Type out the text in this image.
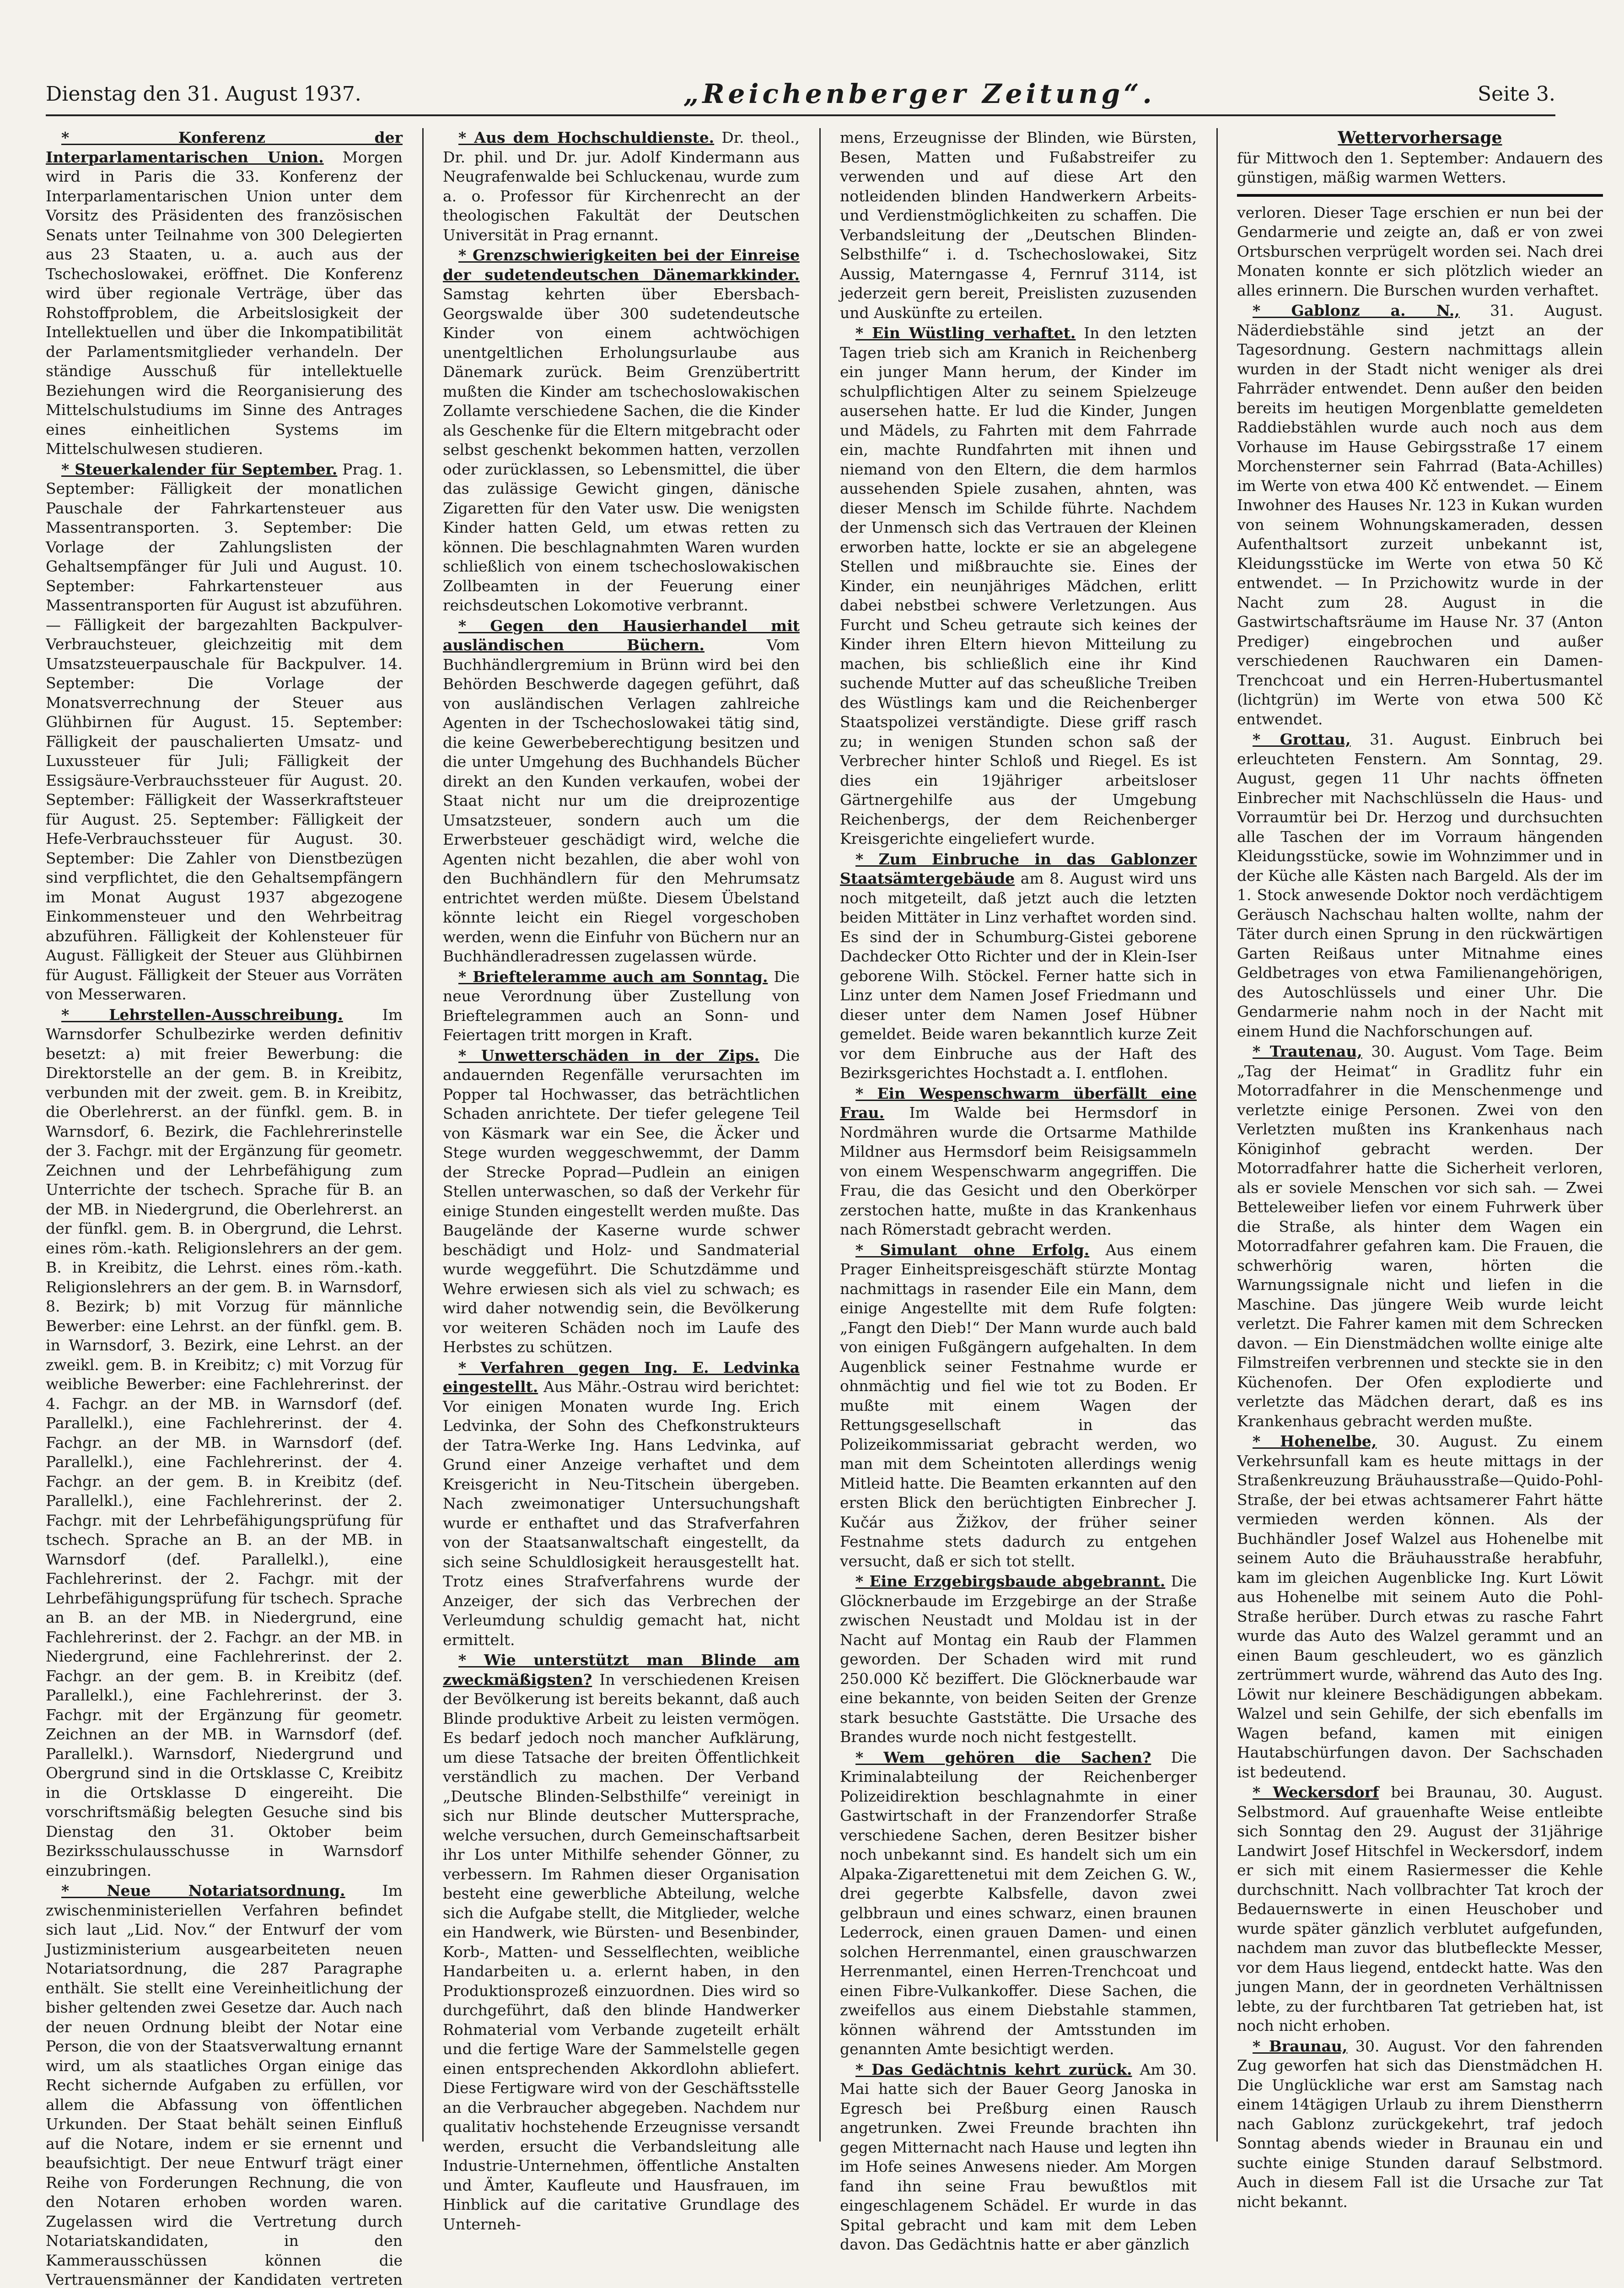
Dienstag den 31. August 1937.	„Reichenberger Zeitung“.	Seite 3.

* Konferenz der Interparlamentarischen Union. Morgen wird in Paris die 33. Konferenz der Interparlamentarischen Union unter dem Vorsitz des Präsidenten des französischen Senats unter Teilnahme von 300 Delegierten aus 23 Staaten, u. a. auch aus der Tschechoslowakei, eröffnet. Die Konferenz wird über regionale Verträge, über das Rohstoffproblem, die Arbeitslosigkeit der Intellektuellen und über die Inkompatibilität der Parlamentsmitglieder verhandeln. Der ständige Ausschuß für intellektuelle Beziehungen wird die Reorganisierung des Mittelschulstudiums im Sinne des Antrages eines einheitlichen Systems im Mittelschulwesen studieren.

* Steuerkalender für September. Prag. 1. September: Fälligkeit der monatlichen Pauschale der Fahrkartensteuer aus Massentransporten. 3. September: Die Vorlage der Zahlungslisten der Gehaltsempfänger für Juli und August. 10. September: Fahrkartensteuer aus Massentransporten für August ist abzuführen. — Fälligkeit der bargezahlten Backpulver-Verbrauchsteuer, gleichzeitig mit dem Umsatzsteuerpauschale für Backpulver. 14. September: Die Vorlage der Monatsverrechnung der Steuer aus Glühbirnen für August. 15. September: Fälligkeit der pauschalierten Umsatz- und Luxussteuer für Juli; Fälligkeit der Essigsäure-Verbrauchssteuer für August. 20. September: Fälligkeit der Wasserkraftsteuer für August. 25. September: Fälligkeit der Hefe-Verbrauchssteuer für August. 30. September: Die Zahler von Dienstbezügen sind verpflichtet, die den Gehaltsempfängern im Monat August 1937 abgezogene Einkommensteuer und den Wehrbeitrag abzuführen. Fälligkeit der Kohlensteuer für August. Fälligkeit der Steuer aus Glühbirnen für August. Fälligkeit der Steuer aus Vorräten von Messerwaren.

* Lehrstellen-Ausschreibung.	Im Warnsdorfer Schulbezirke werden definitiv besetzt: a) mit freier Bewerbung: die Direktorstelle an der gem. B. in Kreibitz, verbunden mit der zweit. gem. B. in Kreibitz, die Oberlehrerst. an der fünfkl. gem. B. in Warnsdorf, 6. Bezirk, die Fachlehrerinstelle der 3. Fachgr. mit der Ergänzung für geometr. Zeichnen und der Lehrbefähigung zum Unterrichte der tschech. Sprache für B. an der MB. in Niedergrund, die Oberlehrerst. an der fünfkl. gem. B. in Obergrund, die Lehrst. eines röm.-kath. Religionslehrers an der gem. B. in Kreibitz, die Lehrst. eines röm.-kath. Religionslehrers an der gem. B. in Warnsdorf, 8. Bezirk; b) mit Vorzug für männliche Bewerber: eine Lehrst. an der fünfkl. gem. B. in Warnsdorf, 3. Bezirk, eine Lehrst. an der zweikl. gem. B. in Kreibitz; c) mit Vorzug für weibliche Bewerber: eine Fachlehrerinst. der 4. Fachgr. an der MB. in Warnsdorf (def. Parallelkl.), eine Fachlehrerinst. der 4. Fachgr. an der MB. in Warnsdorf (def. Parallelkl.), eine Fachlehrerinst. der 4. Fachgr. an der gem. B. in Kreibitz (def. Parallelkl.), eine Fachlehrerinst. der 2. Fachgr. mit der Lehrbefähigungsprüfung für tschech. Sprache an B. an der MB. in Warnsdorf (def. Parallelkl.), eine Fachlehrerinst. der 2. Fachgr. mit der Lehrbefähigungsprüfung für tschech. Sprache an B. an der MB. in Niedergrund, eine Fachlehrerinst. der 2. Fachgr. an der MB. in Niedergrund, eine Fachlehrerinst. der 2. Fachgr. an der gem. B. in Kreibitz (def. Parallelkl.), eine Fachlehrerinst. der 3. Fachgr. mit der Ergänzung für geometr. Zeichnen an der MB. in Warnsdorf (def. Parallelkl.). Warnsdorf, Niedergrund und Obergrund sind in die Ortsklasse C, Kreibitz in die Ortsklasse D eingereiht. Die vorschriftsmäßig belegten Gesuche sind bis Dienstag den 31. Oktober beim Bezirksschulausschusse in Warnsdorf einzubringen.

* Neue Notariatsordnung. Im zwischenministeriellen Verfahren befindet sich laut „Lid. Nov.“ der Entwurf der vom Justizministerium ausgearbeiteten neuen Notariatsordnung, die 287 Paragraphe enthält. Sie stellt eine Vereinheitlichung der bisher geltenden zwei Gesetze dar. Auch nach der neuen Ordnung bleibt der Notar eine Person, die von der Staatsverwaltung ernannt wird, um als staatliches Organ einige das Recht sichernde Aufgaben zu erfüllen, vor allem die Abfassung von öffentlichen Urkunden. Der Staat behält seinen Einfluß auf die Notare, indem er sie ernennt und beaufsichtigt. Der neue Entwurf trägt einer Reihe von Forderungen Rechnung, die von den Notaren erhoben worden waren. Zugelassen wird die Vertretung durch Notariatskandidaten, in den Kammerausschüssen können die Vertrauensmänner der Kandidaten vertreten

* Aus dem Hochschuldienste. Dr. theol., Dr. phil. und Dr. jur. Adolf Kindermann aus Neugrafenwalde bei Schluckenau, wurde zum a. o. Professor für Kirchenrecht an der theologischen Fakultät der Deutschen Universität in Prag ernannt.

* Grenzschwierigkeiten bei der Einreise der sudetendeutschen Dänemarkkinder. Samstag kehrten über Ebersbach-Georgswalde über 300 sudetendeutsche Kinder von einem achtwöchigen unentgeltlichen Erholungsurlaube aus Dänemark zurück. Beim Grenzübertritt mußten die Kinder am tschechoslowakischen Zollamte verschiedene Sachen, die die Kinder als Geschenke für die Eltern mitgebracht oder selbst geschenkt bekommen hatten, verzollen oder zurücklassen, so Lebensmittel, die über das zulässige Gewicht gingen, dänische Zigaretten für den Vater usw. Die wenigsten Kinder hatten Geld, um etwas retten zu können. Die beschlagnahmten Waren wurden schließlich von einem tschechoslowakischen Zollbeamten in der Feuerung einer reichsdeutschen Lokomotive verbrannt.

* Gegen den Hausierhandel mit ausländischen Büchern.	Vom Buchhändlergremium in Brünn wird bei den Behörden Beschwerde dagegen geführt, daß von ausländischen Verlagen zahlreiche Agenten in der Tschechoslowakei tätig sind, die keine Gewerbeberechtigung besitzen und die unter Umgehung des Buchhandels Bücher direkt an den Kunden verkaufen, wobei der Staat nicht nur um die dreiprozentige Umsatzsteuer, sondern auch um die Erwerbsteuer geschädigt wird, welche die Agenten nicht bezahlen, die aber wohl von den Buchhändlern für den Mehrumsatz entrichtet werden müßte. Diesem Übelstand könnte leicht ein Riegel vorgeschoben werden, wenn die Einfuhr von Büchern nur an Buchhändleradressen zugelassen würde.

* Briefteleramme auch am Sonntag. Die neue Verordnung über Zustellung von Brieftelegrammen auch an Sonn- und Feiertagen tritt morgen in Kraft.

* Unwetterschäden in der Zips. Die andauernden Regenfälle verursachten im Popper tal Hochwasser, das beträchtlichen Schaden anrichtete. Der tiefer gelegene Teil von Käsmark war ein See, die Äcker und Stege wurden weggeschwemmt, der Damm der Strecke Poprad—Pudlein an einigen Stellen unterwaschen, so daß der Verkehr für einige Stunden eingestellt werden mußte. Das Baugelände der Kaserne wurde schwer beschädigt und Holz- und Sandmaterial wurde weggeführt. Die Schutzdämme und Wehre erwiesen sich als viel zu schwach; es wird daher notwendig sein, die Bevölkerung vor weiteren Schäden noch im Laufe des Herbstes zu schützen.

* Verfahren gegen Ing. E. Ledvinka eingestellt. Aus Mähr.-Ostrau wird berichtet: Vor einigen Monaten wurde Ing. Erich Ledvinka, der Sohn des Chefkonstrukteurs der Tatra-Werke Ing. Hans Ledvinka, auf Grund einer Anzeige verhaftet und dem Kreisgericht in Neu-Titschein übergeben. Nach zweimonatiger Untersuchungshaft wurde er enthaftet und das Strafverfahren von der Staatsanwaltschaft eingestellt, da sich seine Schuldlosigkeit herausgestellt hat. Trotz eines Strafverfahrens wurde der Anzeiger, der sich das Verbrechen der Verleumdung schuldig gemacht hat, nicht ermittelt.

* Wie unterstützt man Blinde am zweckmäßigsten? In verschiedenen Kreisen der Bevölkerung ist bereits bekannt, daß auch Blinde produktive Arbeit zu leisten vermögen. Es bedarf jedoch noch mancher Aufklärung, um diese Tatsache der breiten Öffentlichkeit verständlich zu machen. Der Verband „Deutsche Blinden-Selbsthilfe“ vereinigt in sich nur Blinde deutscher Muttersprache, welche versuchen, durch Gemeinschaftsarbeit ihr Los unter Mithilfe sehender Gönner, zu verbessern. Im Rahmen dieser Organisation besteht eine gewerbliche Abteilung, welche sich die Aufgabe stellt, die Mitglieder, welche ein Handwerk, wie Bürsten- und Besenbinder, Korb-, Matten- und Sesselflechten, weibliche Handarbeiten u. a. erlernt haben, in den Produktionsprozeß einzuordnen. Dies wird so durchgeführt, daß den blinde Handwerker Rohmaterial vom Verbande zugeteilt erhält und die fertige Ware der Sammelstelle gegen einen entsprechenden Akkordlohn abliefert. Diese Fertigware wird von der Geschäftsstelle an die Verbraucher abgegeben. Nachdem nur qualitativ hochstehende Erzeugnisse versandt werden, ersucht die Verbandsleitung alle Industrie-Unternehmen, öffentliche Anstalten und Ämter, Kaufleute und Hausfrauen, im Hinblick auf die caritative Grundlage des Unterneh-

mens, Erzeugnisse der Blinden, wie Bürsten, Besen, Matten und Fußabstreifer zu verwenden und auf diese Art den notleidenden blinden Handwerkern Arbeits- und Verdienstmöglichkeiten zu schaffen. Die Verbandsleitung der „Deutschen Blinden-Selbsthilfe“ i. d. Tschechoslowakei, Sitz Aussig, Materngasse 4, Fernruf 3114, ist jederzeit gern bereit, Preislisten zuzusenden und Auskünfte zu erteilen.

* Ein Wüstling verhaftet. In den letzten Tagen trieb sich am Kranich in Reichenberg ein junger Mann herum, der Kinder im schulpflichtigen Alter zu seinem Spielzeuge ausersehen hatte. Er lud die Kinder, Jungen und Mädels, zu Fahrten mit dem Fahrrade ein, machte Rundfahrten mit ihnen und niemand von den Eltern, die dem harmlos aussehenden Spiele zusahen, ahnten, was dieser Mensch im Schilde führte. Nachdem der Unmensch sich das Vertrauen der Kleinen erworben hatte, lockte er sie an abgelegene Stellen und mißbrauchte sie. Eines der Kinder, ein neunjähriges Mädchen, erlitt dabei nebstbei schwere Verletzungen. Aus Furcht und Scheu getraute sich keines der Kinder ihren Eltern hievon Mitteilung zu machen, bis schließlich eine ihr Kind suchende Mutter auf das scheußliche Treiben des Wüstlings kam und die Reichenberger Staatspolizei verständigte. Diese griff rasch zu; in wenigen Stunden schon saß der Verbrecher hinter Schloß und Riegel. Es ist dies ein 19jähriger arbeitsloser Gärtnergehilfe aus der Umgebung Reichenbergs, der dem Reichenberger Kreisgerichte eingeliefert wurde.

* Zum Einbruche in das Gablonzer Staatsämtergebäude am 8. August wird uns noch mitgeteilt, daß jetzt auch die letzten beiden Mittäter in Linz verhaftet worden sind. Es sind der in Schumburg-Gistei geborene Dachdecker Otto Richter und der in Klein-Iser geborene Wilh. Stöckel. Ferner hatte sich in Linz unter dem Namen Josef Friedmann und dieser unter dem Namen Josef Hübner gemeldet. Beide waren bekanntlich kurze Zeit vor dem Einbruche aus der Haft des Bezirksgerichtes Hochstadt a. I. entflohen.

* Ein Wespenschwarm überfällt eine Frau. Im Walde bei Hermsdorf in Nordmähren wurde die Ortsarme Mathilde Mildner aus Hermsdorf beim Reisigsammeln von einem Wespenschwarm angegriffen. Die Frau, die das Gesicht und den Oberkörper zerstochen hatte, mußte in das Krankenhaus nach Römerstadt gebracht werden.

* Simulant ohne Erfolg. Aus einem Prager Einheitspreisgeschäft stürzte Montag nachmittags in rasender Eile ein Mann, dem einige Angestellte mit dem Rufe folgten: „Fangt den Dieb!“ Der Mann wurde auch bald von einigen Fußgängern aufgehalten. In dem Augenblick seiner Festnahme wurde er ohnmächtig und fiel wie tot zu Boden. Er mußte mit einem Wagen der Rettungsgesellschaft in das Polizeikommissariat gebracht werden, wo man mit dem Scheintoten allerdings wenig Mitleid hatte. Die Beamten erkannten auf den ersten Blick den berüchtigten Einbrecher J. Kučár aus Žižkov, der früher seiner Festnahme stets dadurch zu entgehen versucht, daß er sich tot stellt.

* Eine Erzgebirgsbaude abgebrannt. Die Glöcknerbaude im Erzgebirge an der Straße zwischen Neustadt und Moldau ist in der Nacht auf Montag ein Raub der Flammen geworden. Der Schaden wird mit rund 250.000 Kč beziffert. Die Glöcknerbaude war eine bekannte, von beiden Seiten der Grenze stark besuchte Gaststätte. Die Ursache des Brandes wurde noch nicht festgestellt.

* Wem gehören die Sachen? Die Kriminalabteilung der Reichenberger Polizeidirektion beschlagnahmte in einer Gastwirtschaft in der Franzendorfer Straße verschiedene Sachen, deren Besitzer bisher noch unbekannt sind. Es handelt sich um ein Alpaka-Zigarettenetui mit dem Zeichen G. W., drei gegerbte Kalbsfelle, davon zwei gelbbraun und eines schwarz, einen braunen Lederrock, einen grauen Damen- und einen solchen Herrenmantel, einen grauschwarzen Herrenmantel, einen Herren-Trenchcoat und einen Fibre-Vulkankoffer. Diese Sachen, die zweifellos aus einem Diebstahle stammen, können während der Amtsstunden im genannten Amte besichtigt werden.

* Das Gedächtnis kehrt zurück. Am 30. Mai hatte sich der Bauer Georg Janoska in Egresch bei Preßburg einen Rausch angetrunken. Zwei Freunde brachten ihn gegen Mitternacht nach Hause und legten ihn im Hofe seines Anwesens nieder. Am Morgen fand ihn seine Frau bewußtlos mit eingeschlagenem Schädel. Er wurde in das Spital gebracht und kam mit dem Leben davon. Das Gedächtnis hatte er aber gänzlich

Wettervorhersage

für Mittwoch den 1. September: Andauern des günstigen, mäßig warmen Wetters.

verloren. Dieser Tage erschien er nun bei der Gendarmerie und zeigte an, daß er von zwei Ortsburschen verprügelt worden sei. Nach drei Monaten konnte er sich plötzlich wieder an alles erinnern. Die Burschen wurden verhaftet.

* Gablonz a. N., 31. August. Näderdiebstähle sind jetzt an der Tagesordnung. Gestern nachmittags allein wurden in der Stadt nicht weniger als drei Fahrräder entwendet. Denn außer den beiden bereits im heutigen Morgenblatte gemeldeten Raddiebstählen wurde auch noch aus dem Vorhause im Hause Gebirgsstraße 17 einem Morchensterner sein Fahrrad (Bata-Achilles) im Werte von etwa 400 Kč entwendet. — Einem Inwohner des Hauses Nr. 123 in Kukan wurden von seinem Wohnungskameraden, dessen Aufenthaltsort zurzeit unbekannt ist, Kleidungsstücke im Werte von etwa 50 Kč entwendet. — In Przichowitz wurde in der Nacht zum 28. August in die Gastwirtschaftsräume im Hause Nr. 37 (Anton Prediger) eingebrochen und außer verschiedenen Rauchwaren ein Damen-Trenchcoat und ein Herren-Hubertusmantel (lichtgrün) im Werte von etwa 500 Kč entwendet.

* Grottau, 31. August. Einbruch bei erleuchteten Fenstern. Am Sonntag, 29. August, gegen 11 Uhr nachts öffneten Einbrecher mit Nachschlüsseln die Haus- und Vorraumtür bei Dr. Herzog und durchsuchten alle Taschen der im Vorraum hängenden Kleidungsstücke, sowie im Wohnzimmer und in der Küche alle Kästen nach Bargeld. Als der im 1. Stock anwesende Doktor noch verdächtigem Geräusch Nachschau halten wollte, nahm der Täter durch einen Sprung in den rückwärtigen Garten Reißaus unter Mitnahme eines Geldbetrages von etwa Familienangehörigen, des Autoschlüssels und einer Uhr. Die Gendarmerie nahm noch in der Nacht mit einem Hund die Nachforschungen auf.

* Trautenau, 30. August. Vom Tage. Beim „Tag der Heimat“ in Gradlitz fuhr ein Motorradfahrer in die Menschenmenge und verletzte einige Personen. Zwei von den Verletzten mußten ins Krankenhaus nach Königinhof gebracht werden. Der Motorradfahrer hatte die Sicherheit verloren, als er soviele Menschen vor sich sah. — Zwei Betteleweiber liefen vor einem Fuhrwerk über die Straße, als hinter dem Wagen ein Motorradfahrer gefahren kam. Die Frauen, die schwerhörig waren, hörten die Warnungssignale nicht und liefen in die Maschine. Das jüngere Weib wurde leicht verletzt. Die Fahrer kamen mit dem Schrecken davon. — Ein Dienstmädchen wollte einige alte Filmstreifen verbrennen und steckte sie in den Küchenofen. Der Ofen explodierte und verletzte das Mädchen derart, daß es ins Krankenhaus gebracht werden mußte.

* Hohenelbe, 30. August. Zu einem Verkehrsunfall kam es heute mittags in der Straßenkreuzung Bräuhausstraße—Quido-Pohl-Straße, der bei etwas achtsamerer Fahrt hätte vermieden werden können. Als der Buchhändler Josef Walzel aus Hohenelbe mit seinem Auto die Bräuhausstraße herabfuhr, kam im gleichen Augenblicke Ing. Kurt Löwit aus Hohenelbe mit seinem Auto die Pohl-Straße herüber. Durch etwas zu rasche Fahrt wurde das Auto des Walzel gerammt und an einen Baum geschleudert, wo es gänzlich zertrümmert wurde, während das Auto des Ing. Löwit nur kleinere Beschädigungen abbekam. Walzel und sein Gehilfe, der sich ebenfalls im Wagen befand, kamen mit einigen Hautabschürfungen davon. Der Sachschaden ist bedeutend.

* Weckersdorf bei Braunau, 30. August. Selbstmord. Auf grauenhafte Weise entleibte sich Sonntag den 29. August der 31jährige Landwirt Josef Hitschfel in Weckersdorf, indem er sich mit einem Rasiermesser die Kehle durchschnitt. Nach vollbrachter Tat kroch der Bedauernswerte in einen Heuschober und wurde später gänzlich verblutet aufgefunden, nachdem man zuvor das blutbefleckte Messer, vor dem Haus liegend, entdeckt hatte. Was den jungen Mann, der in geordneten Verhältnissen lebte, zu der furchtbaren Tat getrieben hat, ist noch nicht erhoben.

* Braunau, 30. August. Vor den fahrenden Zug geworfen hat sich das Dienstmädchen H. Die Unglückliche war erst am Samstag nach einem 14tägigen Urlaub zu ihrem Dienstherrn nach Gablonz zurückgekehrt, traf jedoch Sonntag abends wieder in Braunau ein und suchte einige Stunden darauf Selbstmord. Auch in diesem Fall ist die Ursache zur Tat nicht bekannt.
